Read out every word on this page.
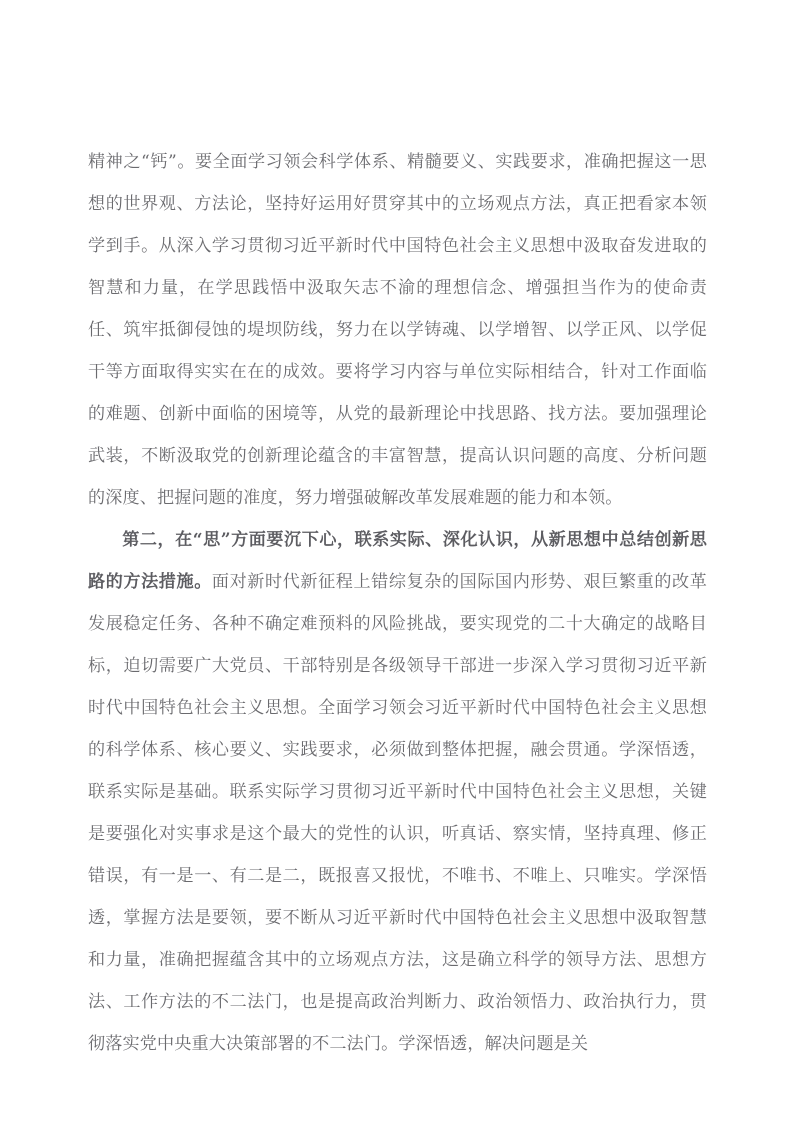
精神之“钙”。要全面学习领会科学体系、精髓要义、实践要求，准确把握这一思想的世界观、方法论，坚持好运用好贯穿其中的立场观点方法，真正把看家本领学到手。从深入学习贯彻习近平新时代中国特色社会主义思想中汲取奋发进取的智慧和力量，在学思践悟中汲取矢志不渝的理想信念、增强担当作为的使命责任、筑牢抵御侵蚀的堤坝防线，努力在以学铸魂、以学增智、以学正风、以学促干等方面取得实实在在的成效。要将学习内容与单位实际相结合，针对工作面临的难题、创新中面临的困境等，从党的最新理论中找思路、找方法。要加强理论武装，不断汲取党的创新理论蕴含的丰富智慧，提高认识问题的高度、分析问题的深度、把握问题的准度，努力增强破解改革发展难题的能力和本领。

第二，在“思”方面要沉下心，联系实际、深化认识，从新思想中总结创新思路的方法措施。面对新时代新征程上错综复杂的国际国内形势、艰巨繁重的改革发展稳定任务、各种不确定难预料的风险挑战，要实现党的二十大确定的战略目标，迫切需要广大党员、干部特别是各级领导干部进一步深入学习贯彻习近平新时代中国特色社会主义思想。全面学习领会习近平新时代中国特色社会主义思想的科学体系、核心要义、实践要求，必须做到整体把握，融会贯通。学深悟透，联系实际是基础。联系实际学习贯彻习近平新时代中国特色社会主义思想，关键是要强化对实事求是这个最大的党性的认识，听真话、察实情，坚持真理、修正错误，有一是一、有二是二，既报喜又报忧，不唯书、不唯上、只唯实。学深悟透，掌握方法是要领，要不断从习近平新时代中国特色社会主义思想中汲取智慧和力量，准确把握蕴含其中的立场观点方法，这是确立科学的领导方法、思想方法、工作方法的不二法门，也是提高政治判断力、政治领悟力、政治执行力，贯彻落实党中央重大决策部署的不二法门。学深悟透，解决问题是关
